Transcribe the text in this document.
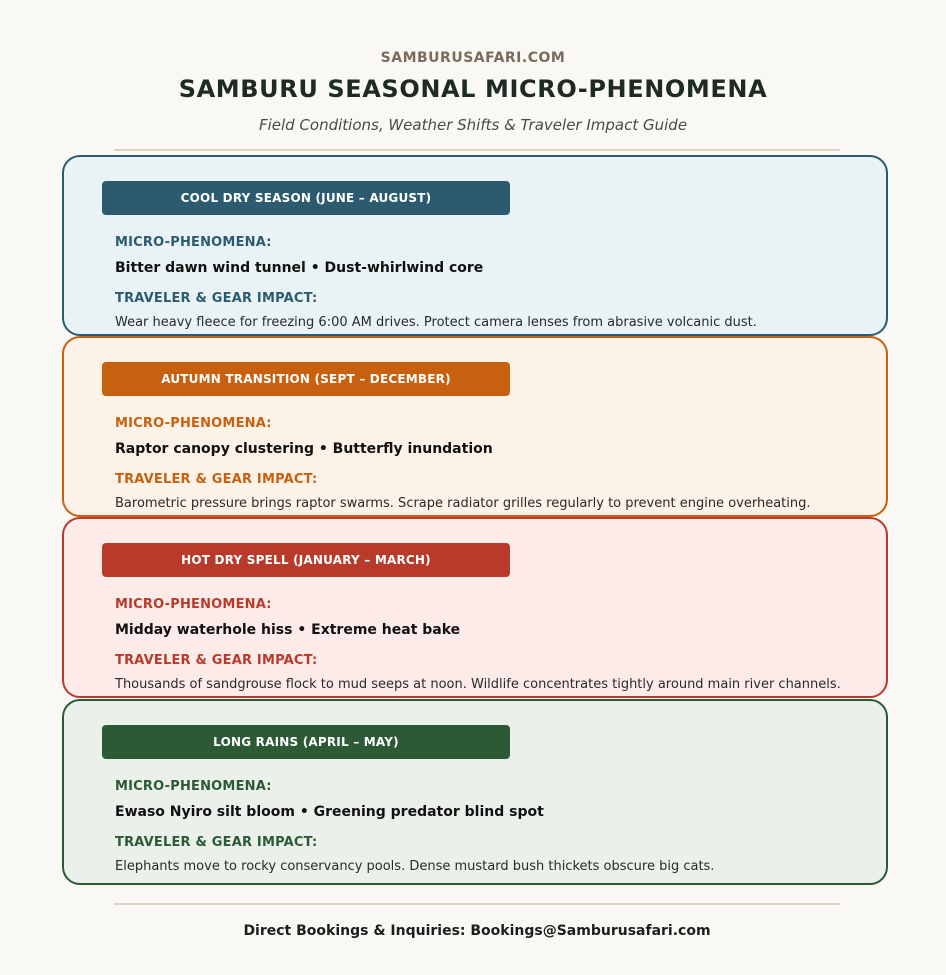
SAMBURUSAFARI.COM
SAMBURU SEASONAL MICRO-PHENOMENA
Field Conditions, Weather Shifts & Traveler Impact Guide
COOL DRY SEASON (JUNE – AUGUST)
MICRO-PHENOMENA:
Bitter dawn wind tunnel • Dust-whirlwind core
TRAVELER & GEAR IMPACT:
Wear heavy fleece for freezing 6:00 AM drives. Protect camera lenses from abrasive volcanic dust.
AUTUMN TRANSITION (SEPT – DECEMBER)
MICRO-PHENOMENA:
Raptor canopy clustering • Butterfly inundation
TRAVELER & GEAR IMPACT:
Barometric pressure brings raptor swarms. Scrape radiator grilles regularly to prevent engine overheating.
HOT DRY SPELL (JANUARY – MARCH)
MICRO-PHENOMENA:
Midday waterhole hiss • Extreme heat bake
TRAVELER & GEAR IMPACT:
Thousands of sandgrouse flock to mud seeps at noon. Wildlife concentrates tightly around main river channels.
LONG RAINS (APRIL – MAY)
MICRO-PHENOMENA:
Ewaso Nyiro silt bloom • Greening predator blind spot
TRAVELER & GEAR IMPACT:
Elephants move to rocky conservancy pools. Dense mustard bush thickets obscure big cats.
Direct Bookings & Inquiries: Bookings@Samburusafari.com
